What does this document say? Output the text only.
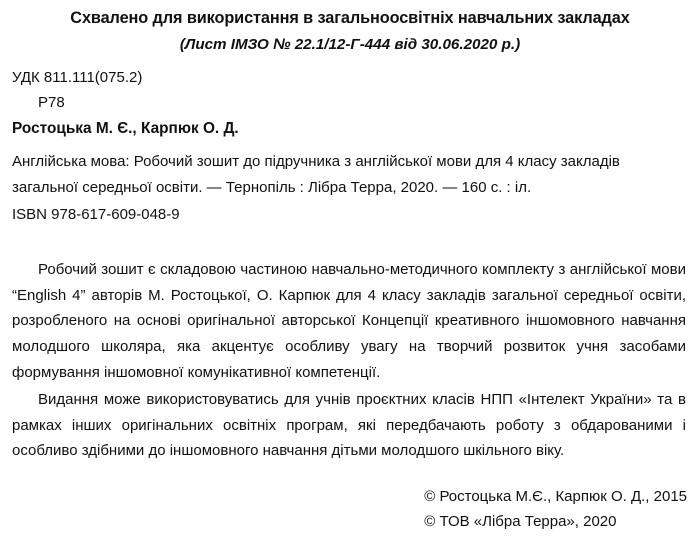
Схвалено для використання в загальноосвітніх навчальних закладах
(Лист ІМЗО № 22.1/12-Г-444 від 30.06.2020 р.)
УДК 811.111(075.2)
Р78
Ростоцька М. Є., Карпюк О. Д.
Англійська мова: Робочий зошит до підручника з англійської мови для 4 класу закладів загальної середньої освіти. — Тернопіль : Лібра Терра, 2020. — 160 с. : іл.
ISBN 978-617-609-048-9

Робочий зошит є складовою частиною навчально-методичного комплекту з англійської мови “English 4” авторів М. Ростоцької, О. Карпюк для 4 класу закладів загальної середньої освіти, розробленого на основі оригінальної авторської Концепції креативного іншомовного навчання молодшого школяра, яка акцентує особливу увагу на творчий розвиток учня засобами формування іншомовної комунікативної компетенції.

Видання може використовуватись для учнів проєктних класів НПП «Інтелект України» та в рамках інших оригінальних освітніх програм, які передбачають роботу з обдарованими і особливо здібними до іншомовного навчання дітьми молодшого шкільного віку.

© Ростоцька М.Є., Карпюк О. Д., 2015
© ТОВ «Лібра Терра», 2020
